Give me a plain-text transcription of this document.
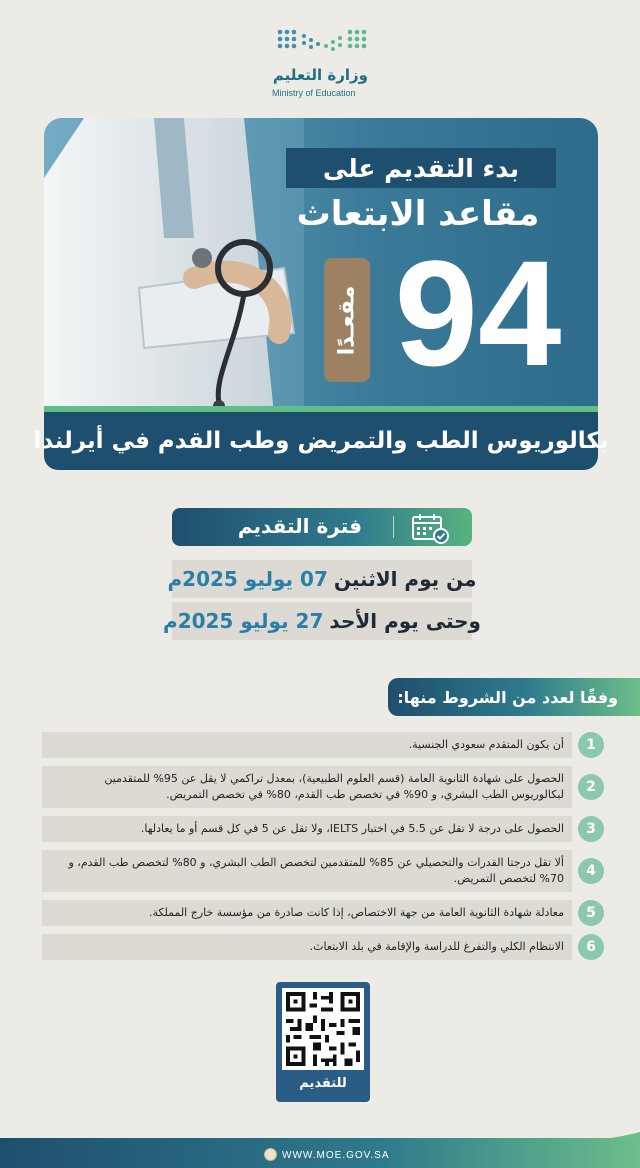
وزارة التعليم
Ministry of Education
بدء التقديم على
مقاعد الابتعاث
94
مقعـدًا
بكالوريوس الطب والتمريض وطب القدم في أيرلندا
فترة التقديم
من يوم الاثنين
07 يوليو 2025م
وحتى يوم الأحد
27 يوليو 2025م
وفقًا لعدد من الشروط منها:
1
أن يكون المتقدم سعودي الجنسية.
2
الحصول على شهادة الثانوية العامة (قسم العلوم الطبيعية)، بمعدل تراكمي لا يقل عن 95% للمتقدمين لبكالوريوس الطب البشري، و 90% في تخصص طب القدم، 80% في تخصص التمريض.
3
الحصول على درجة لا تقل عن 5.5 في اختبار IELTS، ولا تقل عن 5 في كل قسم أو ما يعادلها.
4
ألا تقل درجتا القدرات والتحصيلي عن 85% للمتقدمين لتخصص الطب البشري، و 80% لتخصص طب القدم، و 70% لتخصص التمريض.
5
معادلة شهادة الثانوية العامة من جهة الاختصاص، إذا كانت صادرة من مؤسسة خارج المملكة.
6
الانتظام الكلي والتفرغ للدراسة والإقامة في بلد الابتعاث.
للتقديم
WWW.MOE.GOV.SA
